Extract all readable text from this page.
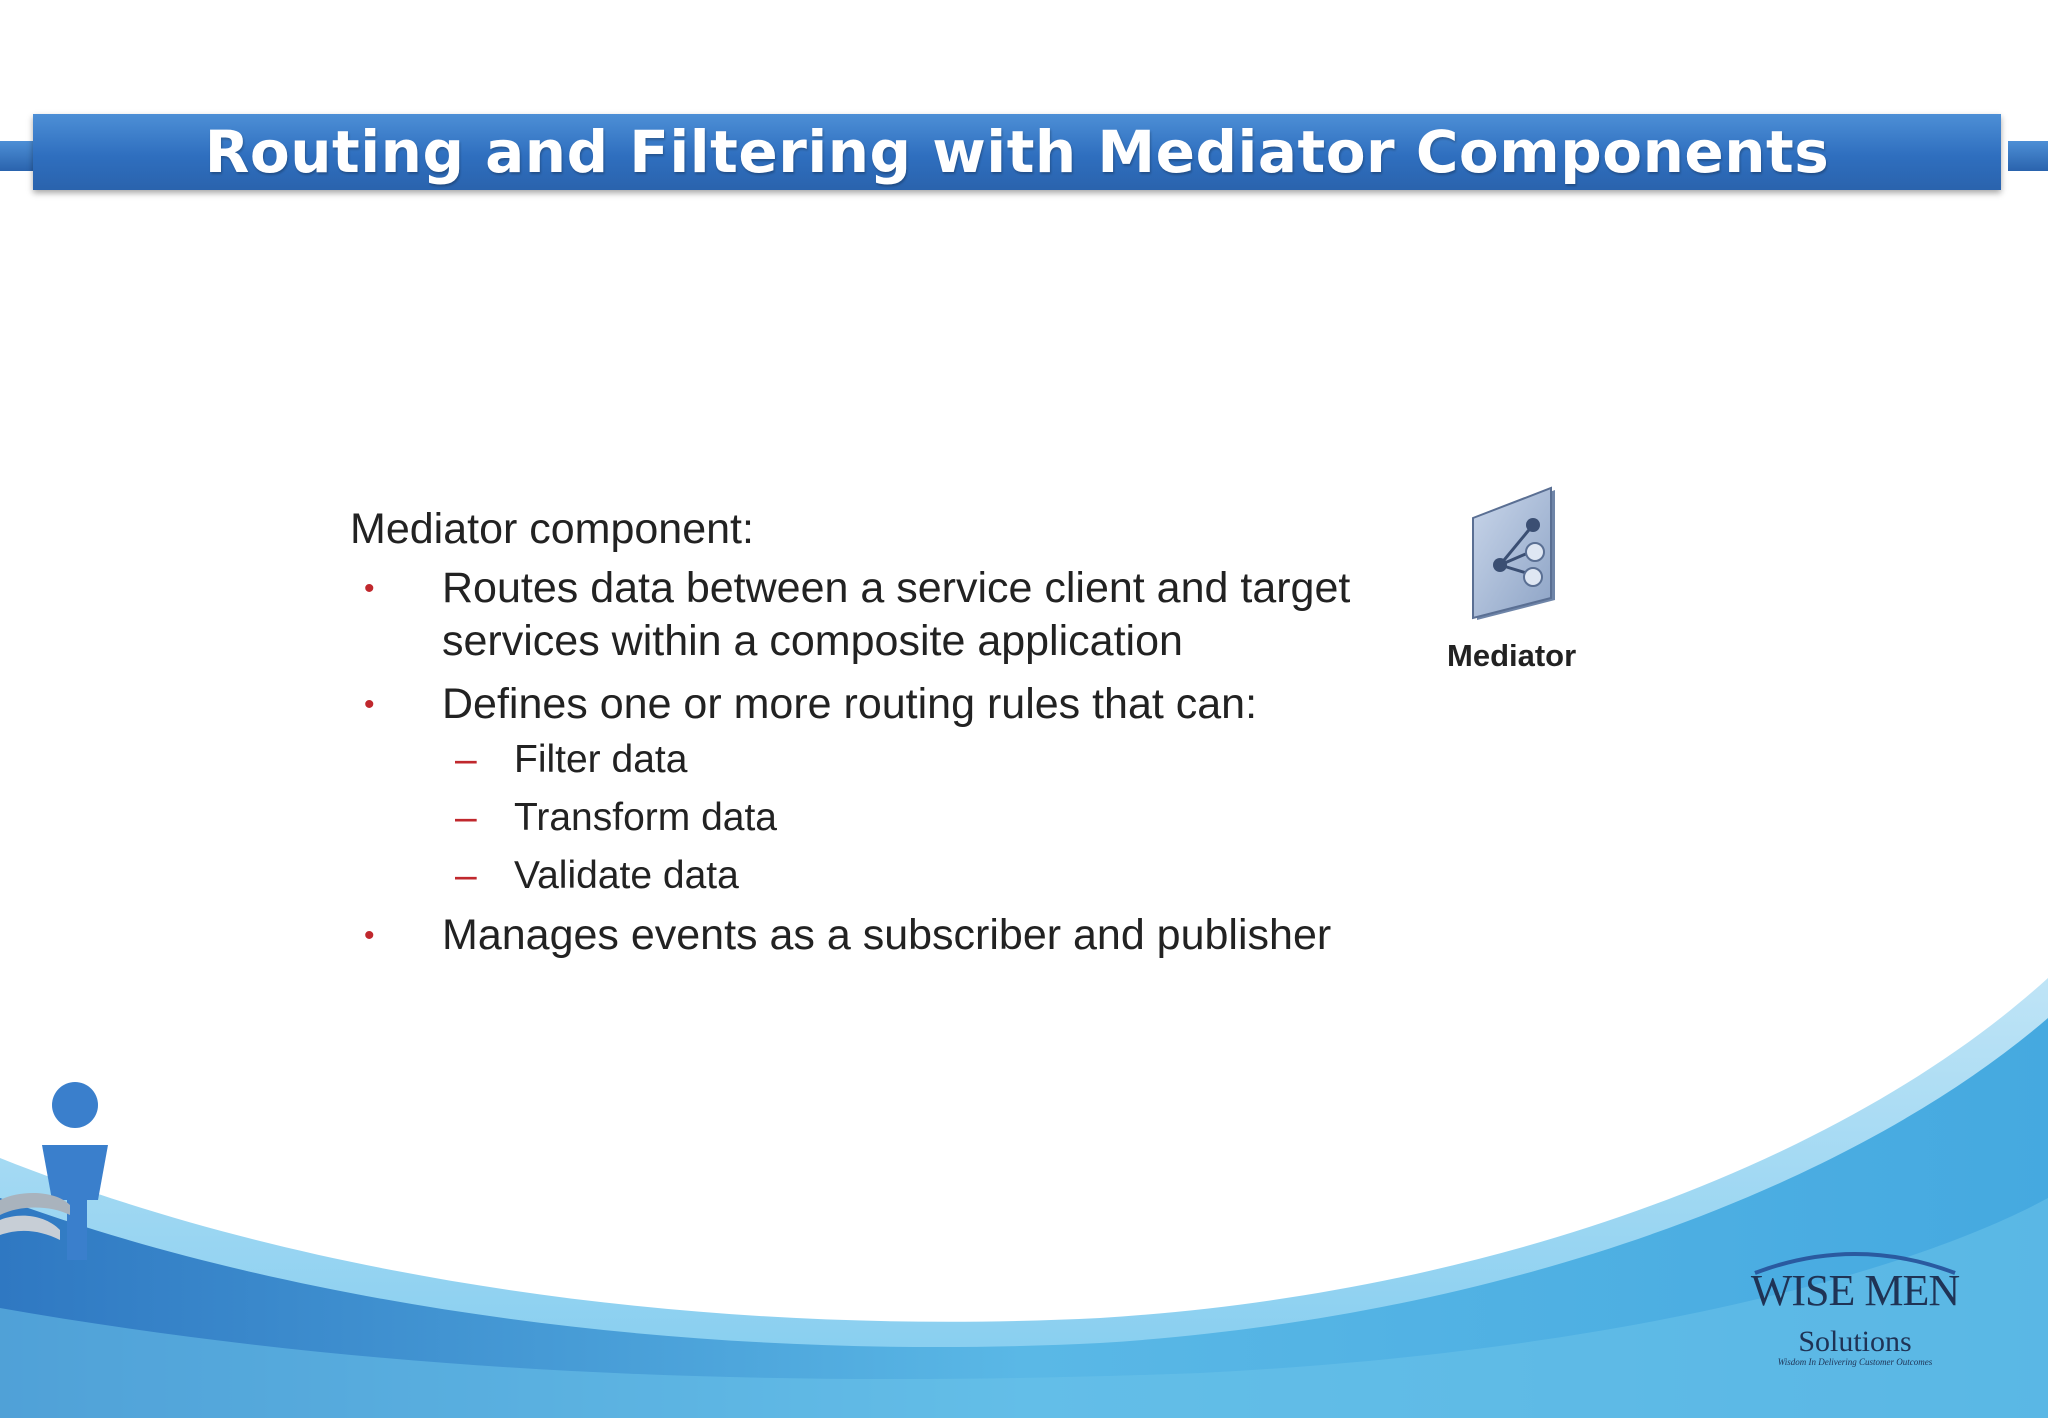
Routing and Filtering with Mediator Components
Mediator component:
• Routes data between a service client and target
services within a composite application
• Defines one or more routing rules that can:
– Filter data
– Transform data
– Validate data
• Manages events as a subscriber and publisher
Mediator
WISE MEN
Solutions
Wisdom In Delivering Customer Outcomes
